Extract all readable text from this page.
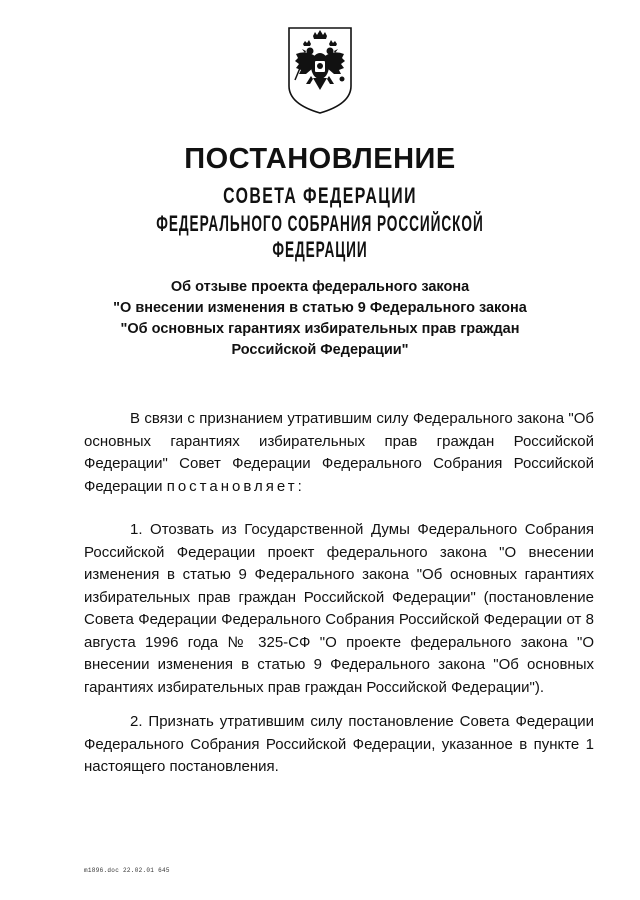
ПОСТАНОВЛЕНИЕ
СОВЕТА ФЕДЕРАЦИИ
ФЕДЕРАЛЬНОГО СОБРАНИЯ РОССИЙСКОЙ ФЕДЕРАЦИИ
Об отзыве проекта федерального закона
"О внесении изменения в статью 9 Федерального закона
"Об основных гарантиях избирательных прав граждан
Российской Федерации"
В связи с признанием утратившим силу Федерального закона "Об основных гарантиях избирательных прав граждан Российской Федерации" Совет Федерации Федерального Собрания Российской Федерации постановляет:
1. Отозвать из Государственной Думы Федерального Собрания Российской Федерации проект федерального закона "О внесении изменения в статью 9 Федерального закона "Об основных гарантиях избирательных прав граждан Российской Федерации" (постановление Совета Федерации Федерального Собрания Российской Федерации от 8 августа 1996 года № 325-СФ "О проекте федерального закона "О внесении изменения в статью 9 Федерального закона "Об основных гарантиях избирательных прав граждан Российской Федерации").
2. Признать утратившим силу постановление Совета Федерации Федерального Собрания Российской Федерации, указанное в пункте 1 настоящего постановления.
m1896.doc 22.02.01 645
